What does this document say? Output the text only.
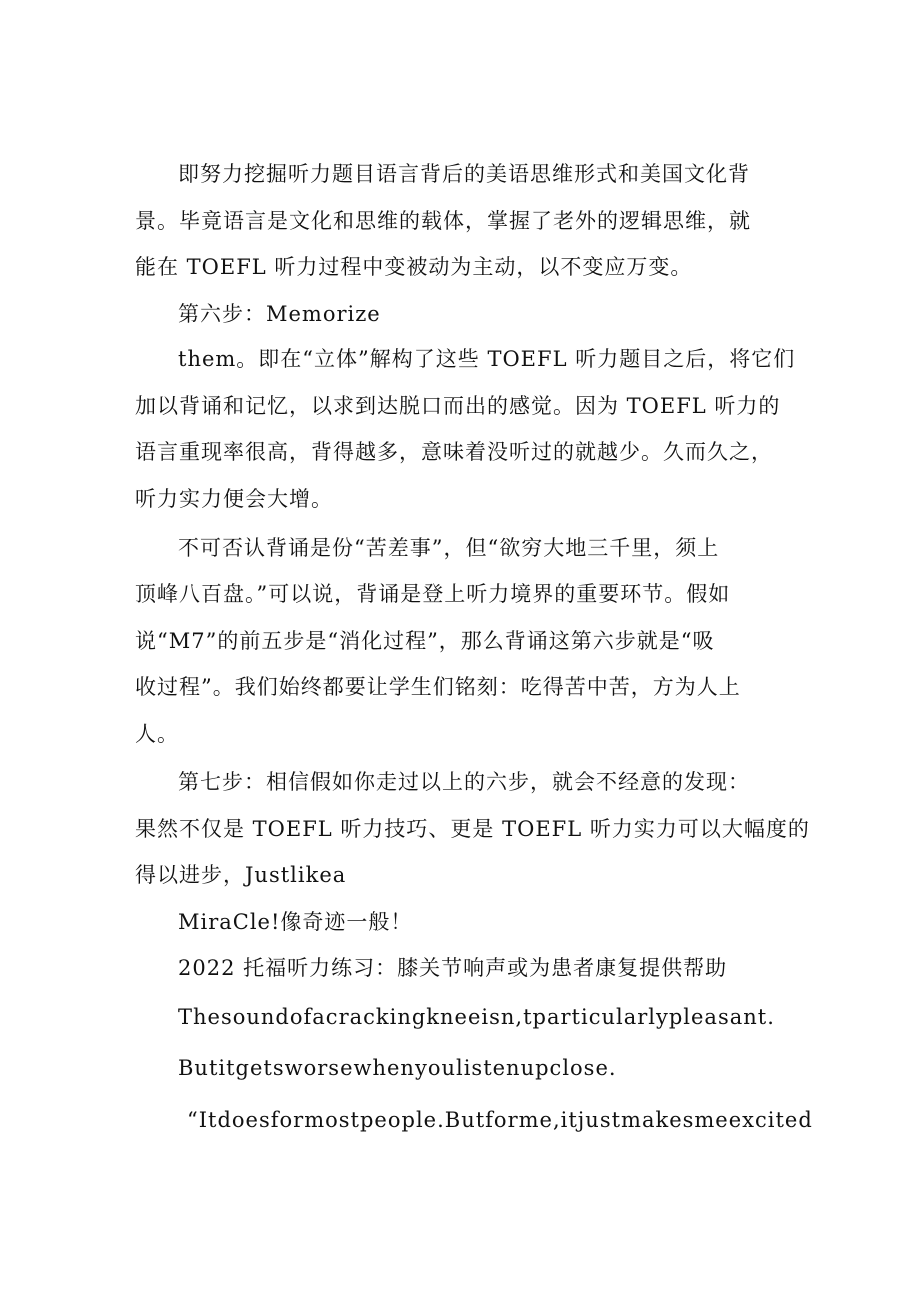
即努力挖掘听力题目语言背后的美语思维形式和美国文化背
景。毕竟语言是文化和思维的载体，掌握了老外的逻辑思维，就
能在 TOEFL 听力过程中变被动为主动，以不变应万变。
第六步：Memorize
them。即在“立体”解构了这些 TOEFL 听力题目之后，将它们
加以背诵和记忆，以求到达脱口而出的感觉。因为 TOEFL 听力的
语言重现率很高，背得越多，意味着没听过的就越少。久而久之，
听力实力便会大增。
不可否认背诵是份“苦差事”，但“欲穷大地三千里，须上
顶峰八百盘。”可以说，背诵是登上听力境界的重要环节。假如
说“M7”的前五步是“消化过程”，那么背诵这第六步就是“吸
收过程”。我们始终都要让学生们铭刻：吃得苦中苦，方为人上
人。
第七步：相信假如你走过以上的六步，就会不经意的发现：
果然不仅是 TOEFL 听力技巧、更是 TOEFL 听力实力可以大幅度的
得以进步，Justlikea
MiraCle!像奇迹一般！
2022 托福听力练习：膝关节响声或为患者康复提供帮助
Thesoundofacrackingkneeisn,tparticularlypleasant.
Butitgetsworsewhenyoulistenupclose.
“Itdoesformostpeople.Butforme,itjustmakesmeexcited
